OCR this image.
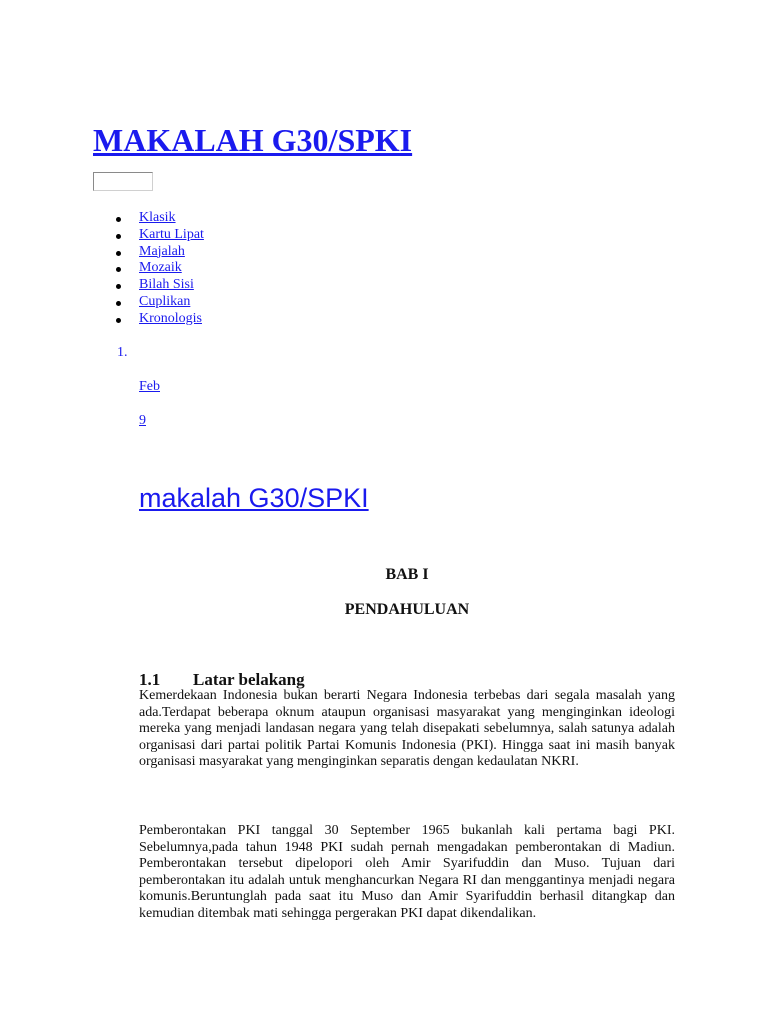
MAKALAH G30/SPKI
Klasik
Kartu Lipat
Majalah
Mozaik
Bilah Sisi
Cuplikan
Kronologis
1.
Feb
9
makalah G30/SPKI
BAB I
PENDAHULUAN
1.1 Latar belakang

Kemerdekaan Indonesia bukan berarti Negara Indonesia terbebas dari segala masalah yang ada.Terdapat beberapa oknum ataupun organisasi masyarakat yang menginginkan ideologi mereka yang menjadi landasan negara yang telah disepakati sebelumnya, salah satunya adalah organisasi dari partai politik Partai Komunis Indonesia (PKI). Hingga saat ini masih banyak organisasi masyarakat yang menginginkan separatis dengan kedaulatan NKRI.

Pemberontakan PKI tanggal 30 September 1965 bukanlah kali pertama bagi PKI. Sebelumnya,pada tahun 1948 PKI sudah pernah mengadakan pemberontakan di Madiun. Pemberontakan tersebut dipelopori oleh Amir Syarifuddin dan Muso. Tujuan dari pemberontakan itu adalah untuk menghancurkan Negara RI dan menggantinya menjadi negara komunis.Beruntunglah pada saat itu Muso dan Amir Syarifuddin berhasil ditangkap dan kemudian ditembak mati sehingga pergerakan PKI dapat dikendalikan.
